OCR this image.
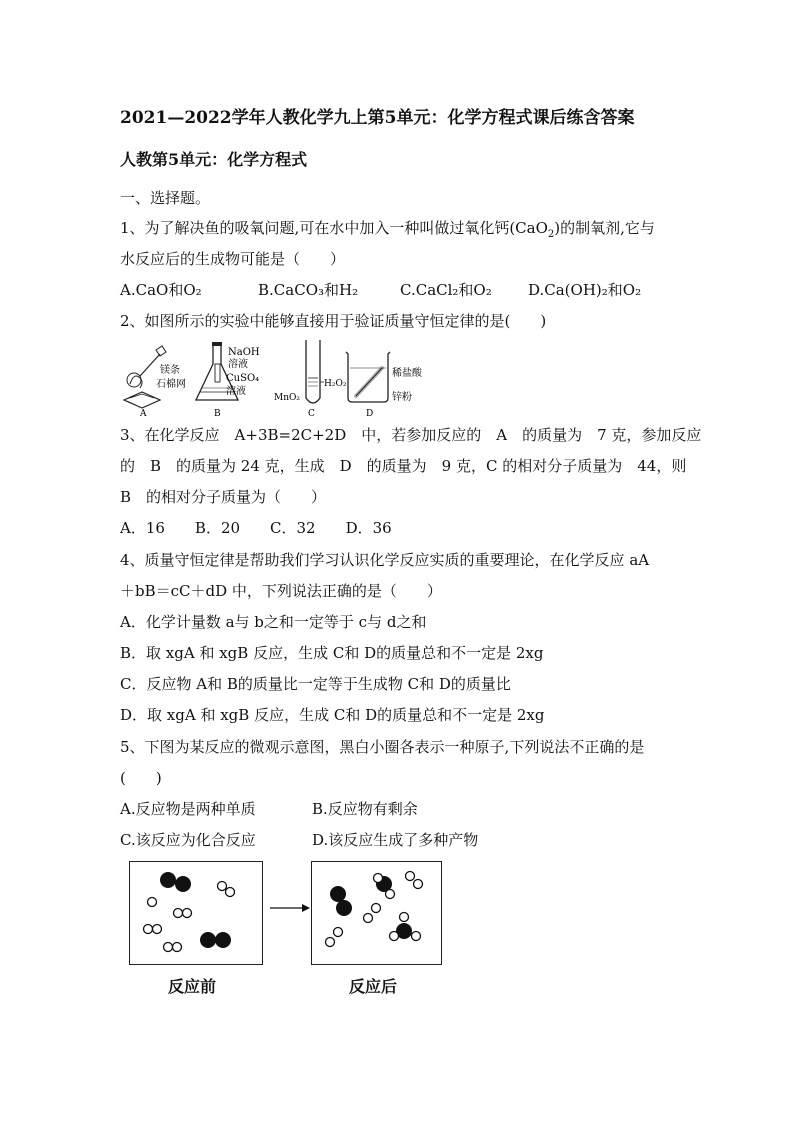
2021—2022学年人教化学九上第5单元：化学方程式课后练含答案
人教第5单元：化学方程式
一、选择题。
1、为了解决鱼的吸氧问题,可在水中加入一种叫做过氧化钙(CaO$_2$)的制氧剂,它与
水反应后的生成物可能是（　　）
A.CaO和O₂	B.CaCO₃和H₂	C.CaCl₂和O₂ D.Ca(OH)₂和O₂
2、如图所示的实验中能够直接用于验证质量守恒定律的是(　　)
镁条
石棉网
A
NaOH
溶液
CuSO₄
溶液
B
H₂O₂
MnO₂
C
稀盐酸
锌粉
D
3、在化学反应　A+3B=2C+2D　中，若参加反应的　A　的质量为　7 克，参加反应
的　B　的质量为 24 克，生成　D　的质量为　9 克，C 的相对分子质量为　44，则
B　的相对分子质量为（　　）
A．16　　B．20　　C．32　　D．36
4、质量守恒定律是帮助我们学习认识化学反应实质的重要理论，在化学反应 aA
＋bB＝cC＋dD 中，下列说法正确的是（　　）
A．化学计量数 a与 b之和一定等于 c与 d之和
B．取 xgA 和 xgB 反应，生成 C和 D的质量总和不一定是 2xg
C．反应物 A和 B的质量比一定等于生成物 C和 D的质量比
D．取 xgA 和 xgB 反应，生成 C和 D的质量总和不一定是 2xg
5、下图为某反应的微观示意图，黑白小圈各表示一种原子,下列说法不正确的是
(　　)
A.反应物是两种单质	B.反应物有剩余
C.该反应为化合反应	D.该反应生成了多种产物
反应前	反应后
